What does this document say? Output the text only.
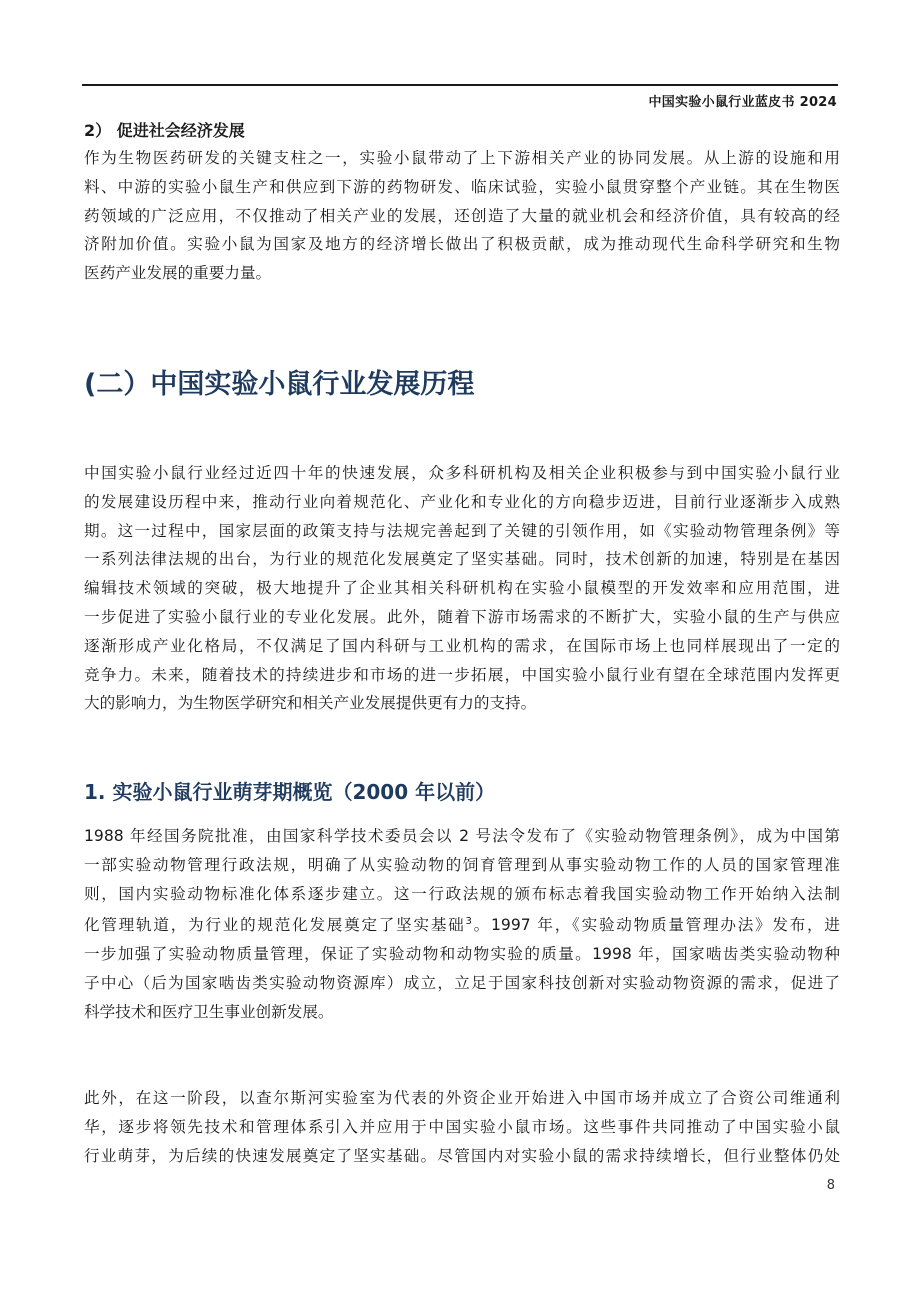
中国实验小鼠行业蓝皮书 2024
2） 促进社会经济发展
作为生物医药研发的关键支柱之一，实验小鼠带动了上下游相关产业的协同发展。从上游的设施和用
料、中游的实验小鼠生产和供应到下游的药物研发、临床试验，实验小鼠贯穿整个产业链。其在生物医
药领域的广泛应用，不仅推动了相关产业的发展，还创造了大量的就业机会和经济价值，具有较高的经
济附加价值。实验小鼠为国家及地方的经济增长做出了积极贡献，成为推动现代生命科学研究和生物
医药产业发展的重要力量。
(二）中国实验小鼠行业发展历程
中国实验小鼠行业经过近四十年的快速发展，众多科研机构及相关企业积极参与到中国实验小鼠行业
的发展建设历程中来，推动行业向着规范化、产业化和专业化的方向稳步迈进，目前行业逐渐步入成熟
期。这一过程中，国家层面的政策支持与法规完善起到了关键的引领作用，如《实验动物管理条例》等
一系列法律法规的出台，为行业的规范化发展奠定了坚实基础。同时，技术创新的加速，特别是在基因
编辑技术领域的突破，极大地提升了企业其相关科研机构在实验小鼠模型的开发效率和应用范围，进
一步促进了实验小鼠行业的专业化发展。此外，随着下游市场需求的不断扩大，实验小鼠的生产与供应
逐渐形成产业化格局，不仅满足了国内科研与工业机构的需求，在国际市场上也同样展现出了一定的
竞争力。未来，随着技术的持续进步和市场的进一步拓展，中国实验小鼠行业有望在全球范围内发挥更
大的影响力，为生物医学研究和相关产业发展提供更有力的支持。
1. 实验小鼠行业萌芽期概览（2000 年以前）
1988 年经国务院批准，由国家科学技术委员会以 2 号法令发布了《实验动物管理条例》，成为中国第
一部实验动物管理行政法规，明确了从实验动物的饲育管理到从事实验动物工作的人员的国家管理准
则，国内实验动物标准化体系逐步建立。这一行政法规的颁布标志着我国实验动物工作开始纳入法制
化管理轨道，为行业的规范化发展奠定了坚实基础$^3$。1997 年，《实验动物质量管理办法》发布，进
一步加强了实验动物质量管理，保证了实验动物和动物实验的质量。1998 年，国家啮齿类实验动物种
子中心（后为国家啮齿类实验动物资源库）成立，立足于国家科技创新对实验动物资源的需求，促进了
科学技术和医疗卫生事业创新发展。
此外，在这一阶段，以查尔斯河实验室为代表的外资企业开始进入中国市场并成立了合资公司维通利
华，逐步将领先技术和管理体系引入并应用于中国实验小鼠市场。这些事件共同推动了中国实验小鼠
行业萌芽，为后续的快速发展奠定了坚实基础。尽管国内对实验小鼠的需求持续增长，但行业整体仍处
8
